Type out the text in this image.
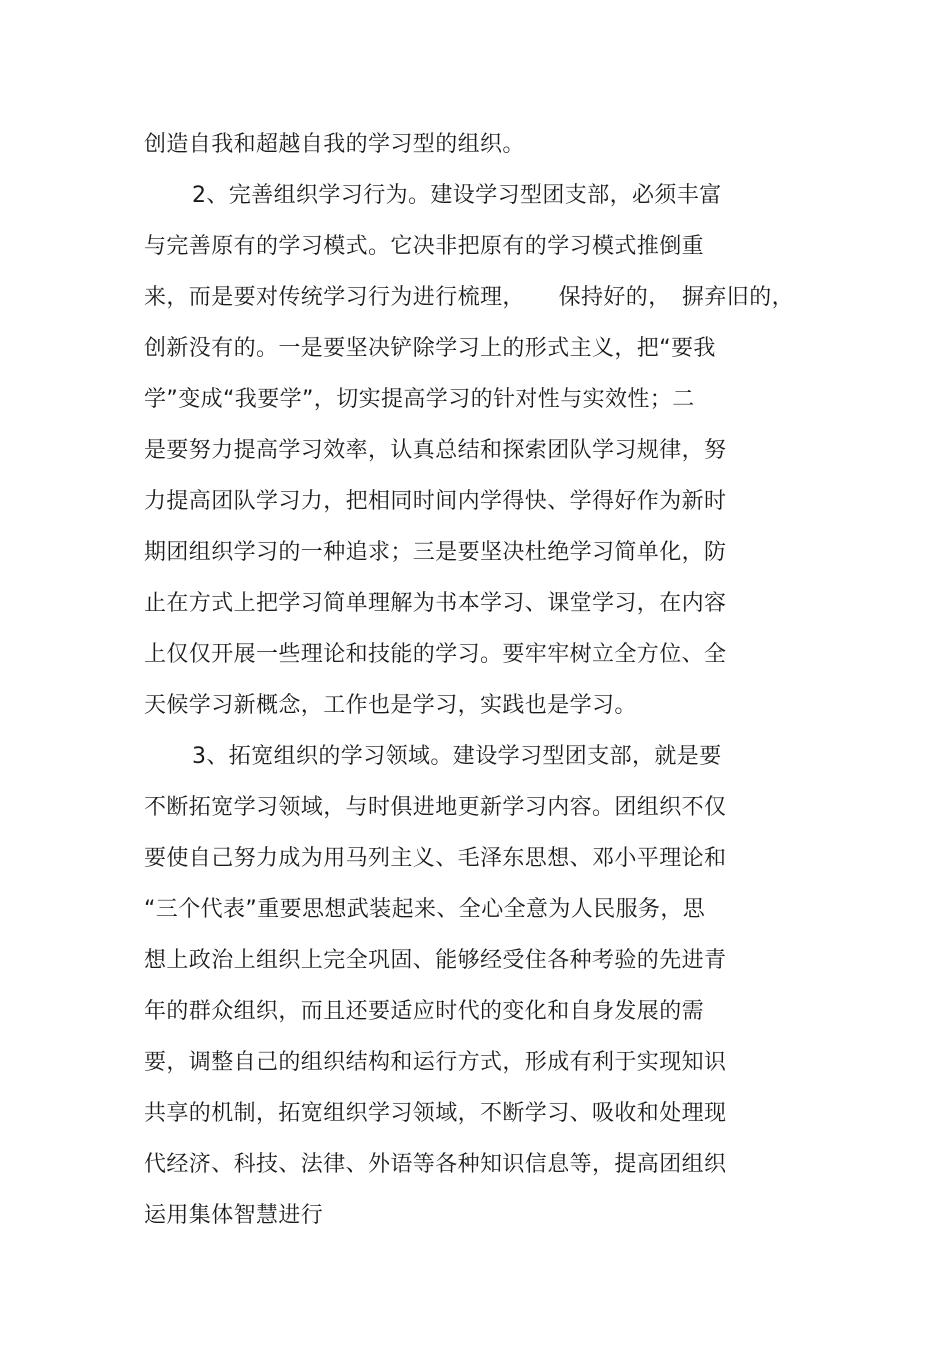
创造自我和超越自我的学习型的组织。
2、完善组织学习行为。建设学习型团支部，必须丰富
与完善原有的学习模式。它决非把原有的学习模式推倒重
来，而是要对传统学习行为进行梳理，　　保持好的，　摒弃旧的，
创新没有的。一是要坚决铲除学习上的形式主义，把“要我
学”变成“我要学”，切实提高学习的针对性与实效性；二
是要努力提高学习效率，认真总结和探索团队学习规律，努
力提高团队学习力，把相同时间内学得快、学得好作为新时
期团组织学习的一种追求；三是要坚决杜绝学习简单化，防
止在方式上把学习简单理解为书本学习、课堂学习，在内容
上仅仅开展一些理论和技能的学习。要牢牢树立全方位、全
天候学习新概念，工作也是学习，实践也是学习。
3、拓宽组织的学习领域。建设学习型团支部，就是要
不断拓宽学习领域，与时俱进地更新学习内容。团组织不仅
要使自己努力成为用马列主义、毛泽东思想、邓小平理论和
“三个代表”重要思想武装起来、全心全意为人民服务，思
想上政治上组织上完全巩固、能够经受住各种考验的先进青
年的群众组织，而且还要适应时代的变化和自身发展的需
要，调整自己的组织结构和运行方式，形成有利于实现知识
共享的机制，拓宽组织学习领域，不断学习、吸收和处理现
代经济、科技、法律、外语等各种知识信息等，提高团组织
运用集体智慧进行
